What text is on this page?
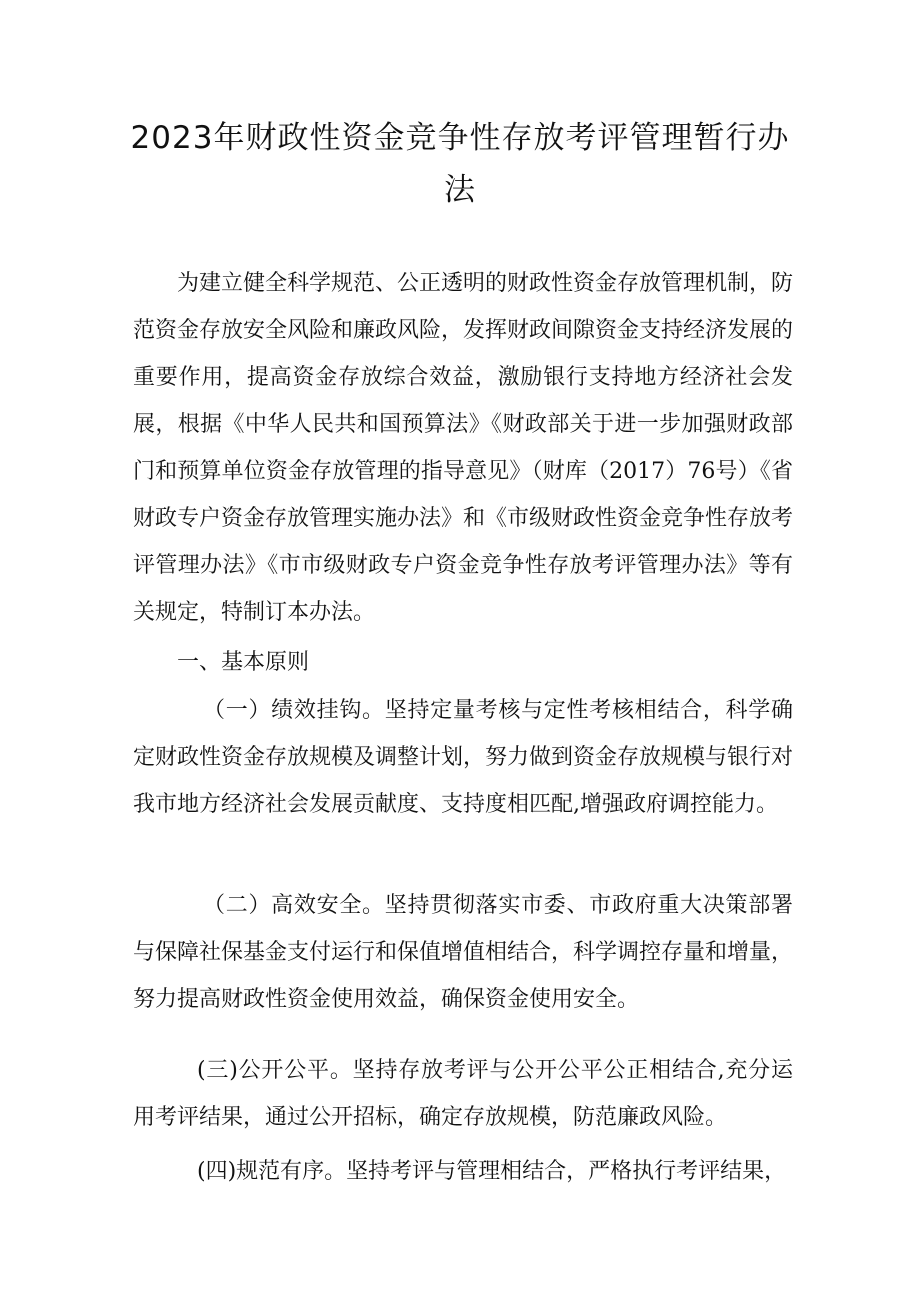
2023年财政性资金竞争性存放考评管理暂行办法

为建立健全科学规范、公正透明的财政性资金存放管理机制，防范资金存放安全风险和廉政风险，发挥财政间隙资金支持经济发展的重要作用，提高资金存放综合效益，激励银行支持地方经济社会发展，根据《中华人民共和国预算法》《财政部关于进一步加强财政部门和预算单位资金存放管理的指导意见》（财库（2017）76号）《省财政专户资金存放管理实施办法》和《市级财政性资金竞争性存放考评管理办法》《市市级财政专户资金竞争性存放考评管理办法》等有关规定，特制订本办法。

一、基本原则

（一）绩效挂钩。坚持定量考核与定性考核相结合，科学确定财政性资金存放规模及调整计划，努力做到资金存放规模与银行对我市地方经济社会发展贡献度、支持度相匹配,增强政府调控能力。

（二）高效安全。坚持贯彻落实市委、市政府重大决策部署与保障社保基金支付运行和保值增值相结合，科学调控存量和增量，努力提高财政性资金使用效益，确保资金使用安全。

(三)公开公平。坚持存放考评与公开公平公正相结合,充分运用考评结果，通过公开招标，确定存放规模，防范廉政风险。

(四)规范有序。坚持考评与管理相结合，严格执行考评结果，
